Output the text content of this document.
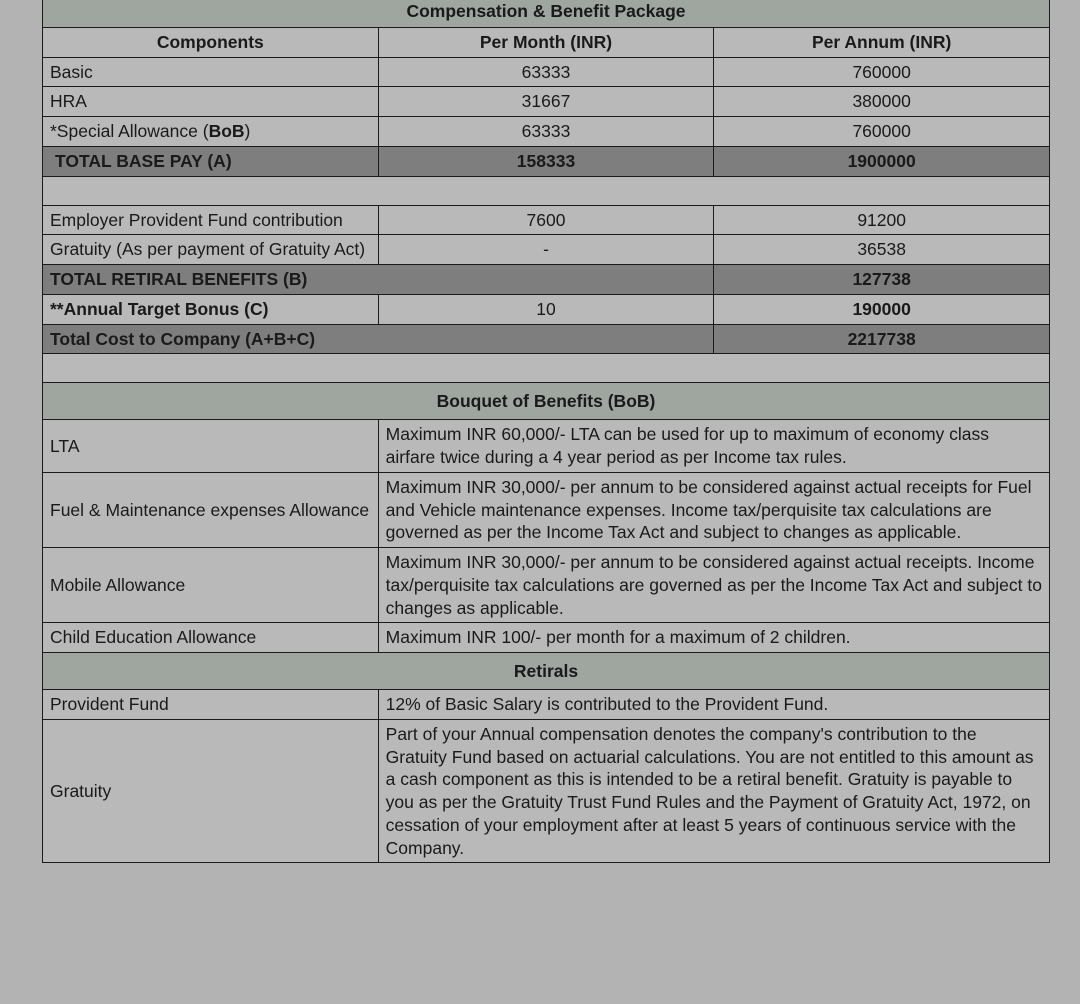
Compensation & Benefit Package		
Components	Per Month (INR)	Per Annum (INR)
Basic	63333	760000
HRA	31667	380000
*Special Allowance (BoB)	63333	760000
TOTAL BASE PAY (A)	158333	1900000

Employer Provident Fund contribution	7600	91200
Gratuity (As per payment of Gratuity Act)	-	36538
TOTAL RETIRAL BENEFITS (B)		127738
**Annual Target Bonus (C)	10	190000
Total Cost to Company (A+B+C)		2217738

Bouquet of Benefits (BoB)		
LTA	Maximum INR 60,000/- LTA can be used for up to maximum of economy class airfare twice during a 4 year period as per Income tax rules.	
Fuel & Maintenance expenses Allowance	Maximum INR 30,000/- per annum to be considered against actual receipts for Fuel and Vehicle maintenance expenses. Income tax/perquisite tax calculations are governed as per the Income Tax Act and subject to changes as applicable.	
Mobile Allowance	Maximum INR 30,000/- per annum to be considered against actual receipts. Income tax/perquisite tax calculations are governed as per the Income Tax Act and subject to changes as applicable.	
Child Education Allowance	Maximum INR 100/- per month for a maximum of 2 children.	
Retirals		
Provident Fund	12% of Basic Salary is contributed to the Provident Fund.	
Gratuity	Part of your Annual compensation denotes the company's contribution to the Gratuity Fund based on actuarial calculations. You are not entitled to this amount as a cash component as this is intended to be a retiral benefit. Gratuity is payable to you as per the Gratuity Trust Fund Rules and the Payment of Gratuity Act, 1972, on cessation of your employment after at least 5 years of continuous service with the Company.	
